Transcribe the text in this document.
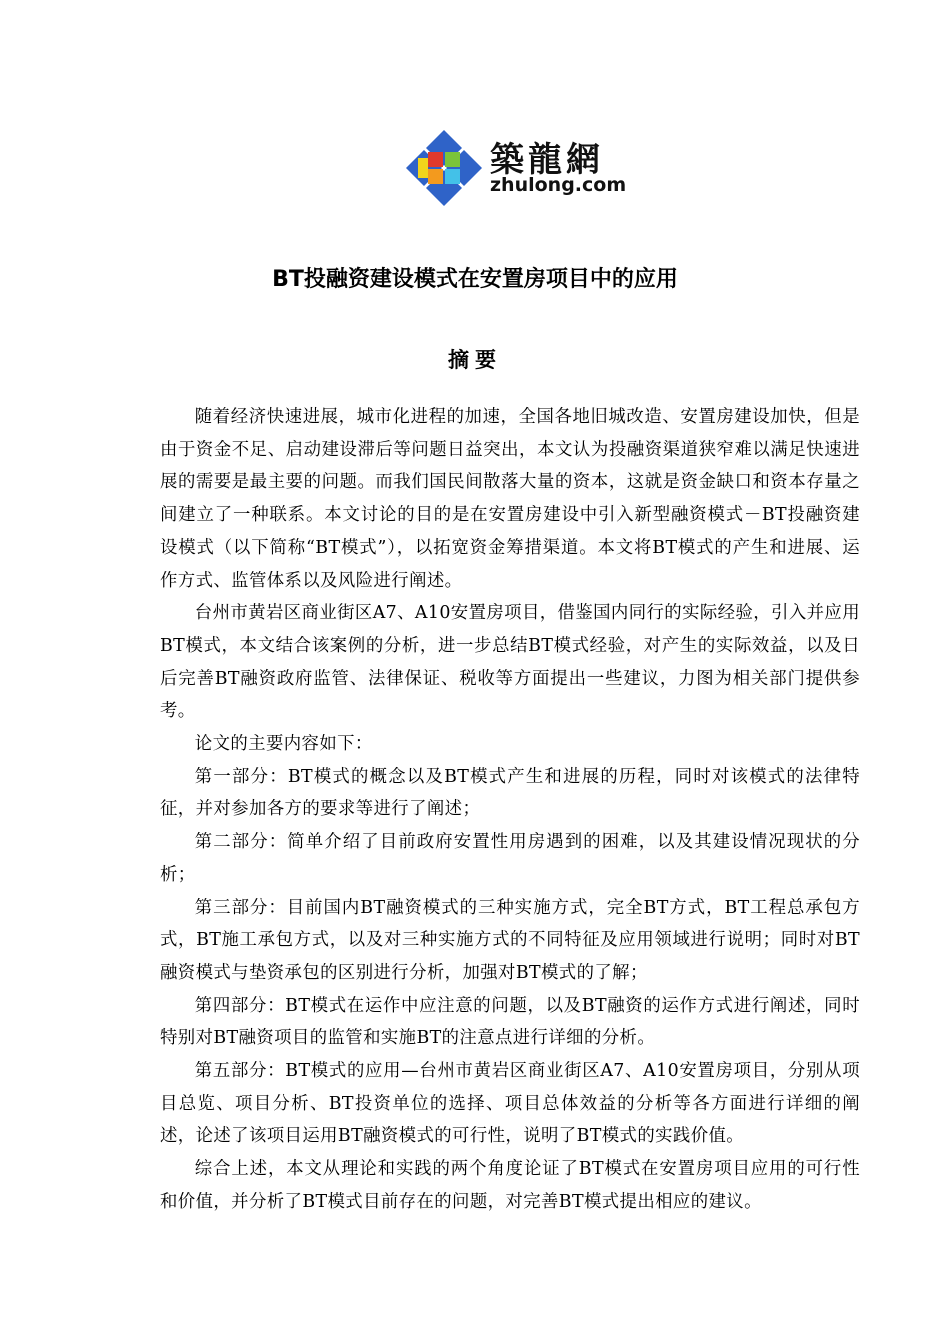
築龍網
zhulong.com
BT投融资建设模式在安置房项目中的应用
摘要

随着经济快速进展，城市化进程的加速，全国各地旧城改造、安置房建设加快，但是由于资金不足、启动建设滞后等问题日益突出，本文认为投融资渠道狭窄难以满足快速进展的需要是最主要的问题。而我们国民间散落大量的资本，这就是资金缺口和资本存量之间建立了一种联系。本文讨论的目的是在安置房建设中引入新型融资模式－BT投融资建设模式（以下简称“BT模式”），以拓宽资金筹措渠道。本文将BT模式的产生和进展、运作方式、监管体系以及风险进行阐述。

台州市黄岩区商业街区A7、A10安置房项目，借鉴国内同行的实际经验，引入并应用BT模式，本文结合该案例的分析，进一步总结BT模式经验，对产生的实际效益，以及日后完善BT融资政府监管、法律保证、税收等方面提出一些建议，力图为相关部门提供参考。

论文的主要内容如下：

第一部分：BT模式的概念以及BT模式产生和进展的历程，同时对该模式的法律特征，并对参加各方的要求等进行了阐述；

第二部分：简单介绍了目前政府安置性用房遇到的困难，以及其建设情况现状的分析；

第三部分：目前国内BT融资模式的三种实施方式，完全BT方式，BT工程总承包方式，BT施工承包方式，以及对三种实施方式的不同特征及应用领域进行说明；同时对BT融资模式与垫资承包的区别进行分析，加强对BT模式的了解；

第四部分：BT模式在运作中应注意的问题，以及BT融资的运作方式进行阐述，同时特别对BT融资项目的监管和实施BT的注意点进行详细的分析。

第五部分：BT模式的应用—台州市黄岩区商业街区A7、A10安置房项目，分别从项目总览、项目分析、BT投资单位的选择、项目总体效益的分析等各方面进行详细的阐述，论述了该项目运用BT融资模式的可行性，说明了BT模式的实践价值。

综合上述，本文从理论和实践的两个角度论证了BT模式在安置房项目应用的可行性和价值，并分析了BT模式目前存在的问题，对完善BT模式提出相应的建议。
